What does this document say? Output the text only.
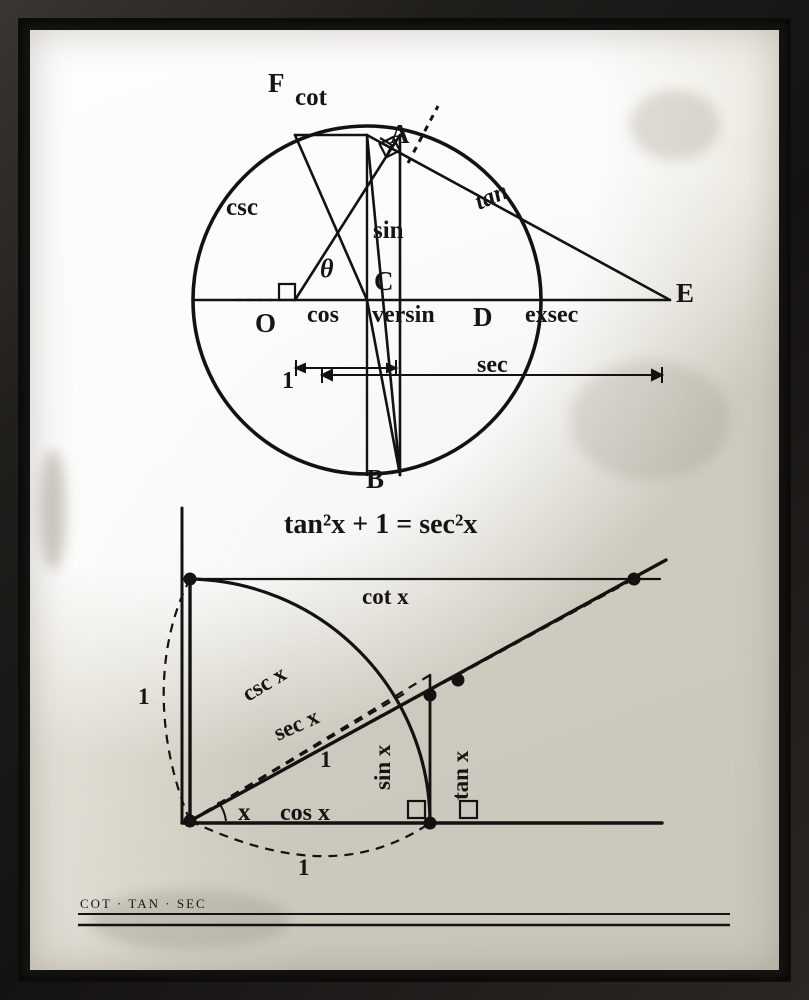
F
A
C	E
O	D
B
cot
csc
sin
tan
θ
cos versin	exsec
sec
1
tan²x + 1 = sec²x
cot x
csc x
sec x
1 sin x tan x
x cos x
1
1
COT · TAN · SEC
